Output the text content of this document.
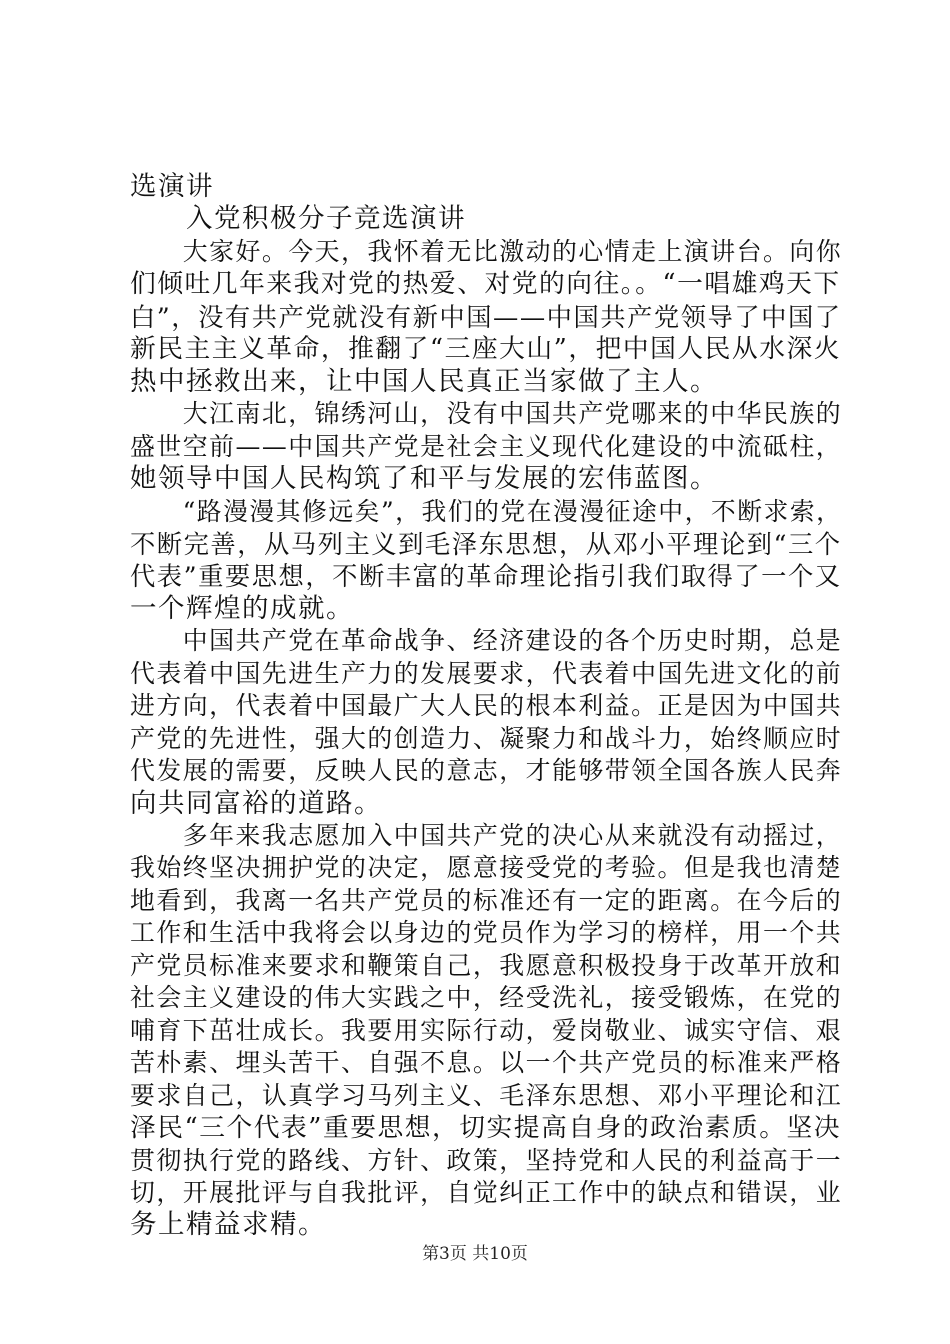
选演讲
　　入党积极分子竞选演讲
　　大家好。今天，我怀着无比激动的心情走上演讲台。向你
们倾吐几年来我对党的热爱、对党的向往。。“一唱雄鸡天下
白”，没有共产党就没有新中国——中国共产党领导了中国了
新民主主义革命，推翻了“三座大山”，把中国人民从水深火
热中拯救出来，让中国人民真正当家做了主人。
　　大江南北，锦绣河山，没有中国共产党哪来的中华民族的
盛世空前——中国共产党是社会主义现代化建设的中流砥柱，
她领导中国人民构筑了和平与发展的宏伟蓝图。
　　“路漫漫其修远矣”，我们的党在漫漫征途中，不断求索，
不断完善，从马列主义到毛泽东思想，从邓小平理论到“三个
代表”重要思想，不断丰富的革命理论指引我们取得了一个又
一个辉煌的成就。
　　中国共产党在革命战争、经济建设的各个历史时期，总是
代表着中国先进生产力的发展要求，代表着中国先进文化的前
进方向，代表着中国最广大人民的根本利益。正是因为中国共
产党的先进性，强大的创造力、凝聚力和战斗力，始终顺应时
代发展的需要，反映人民的意志，才能够带领全国各族人民奔
向共同富裕的道路。
　　多年来我志愿加入中国共产党的决心从来就没有动摇过，
我始终坚决拥护党的决定，愿意接受党的考验。但是我也清楚
地看到，我离一名共产党员的标准还有一定的距离。在今后的
工作和生活中我将会以身边的党员作为学习的榜样，用一个共
产党员标准来要求和鞭策自己，我愿意积极投身于改革开放和
社会主义建设的伟大实践之中，经受洗礼，接受锻炼，在党的
哺育下茁壮成长。我要用实际行动，爱岗敬业、诚实守信、艰
苦朴素、埋头苦干、自强不息。以一个共产党员的标准来严格
要求自己，认真学习马列主义、毛泽东思想、邓小平理论和江
泽民“三个代表”重要思想，切实提高自身的政治素质。坚决
贯彻执行党的路线、方针、政策，坚持党和人民的利益高于一
切，开展批评与自我批评，自觉纠正工作中的缺点和错误，业
务上精益求精。
第3页 共10页
